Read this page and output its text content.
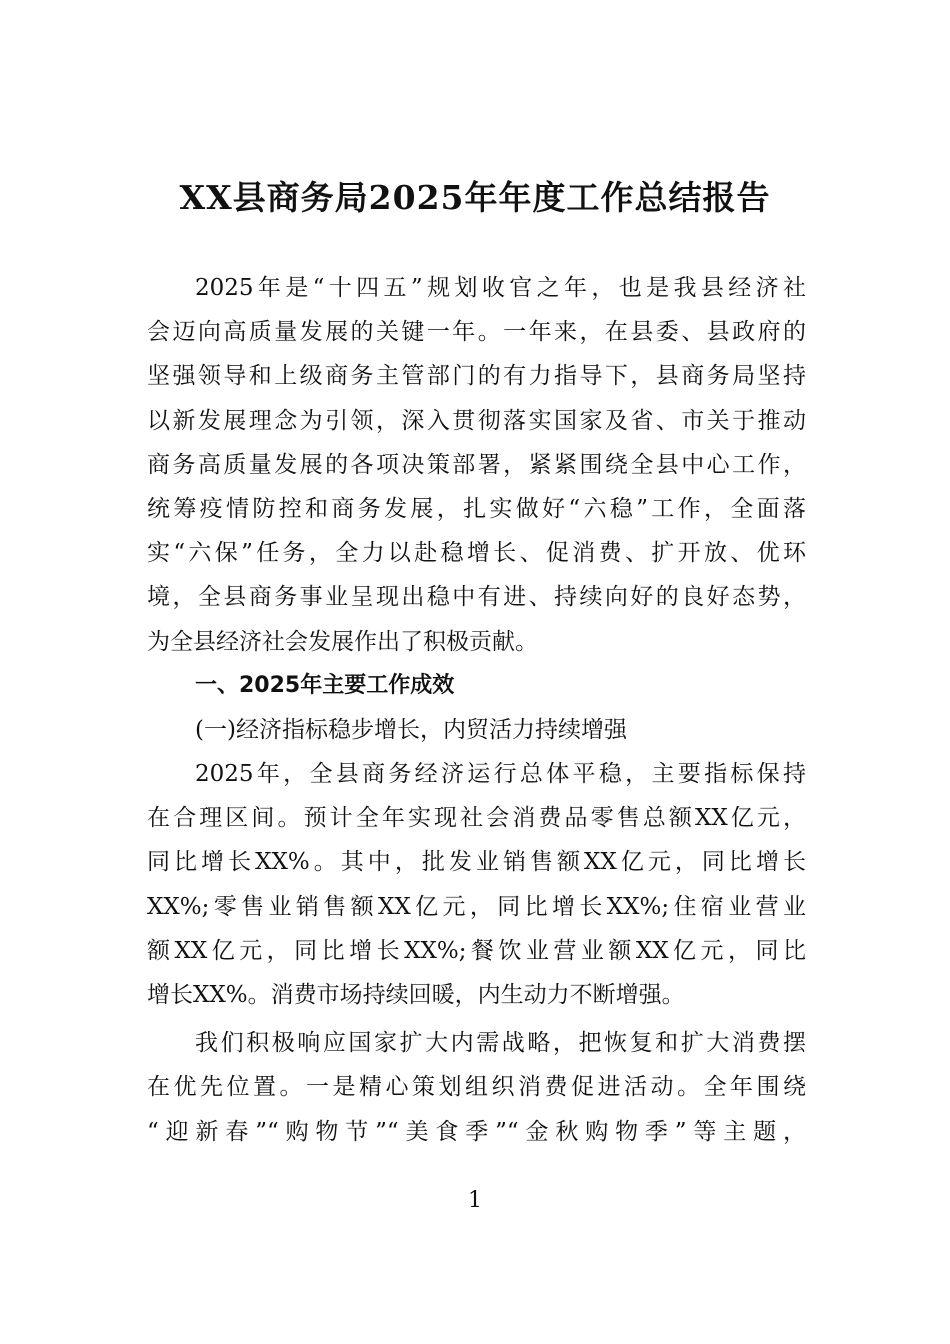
XX县商务局2025年年度工作总结报告
2025年是“十四五”规划收官之年，也是我县经济社
会迈向高质量发展的关键一年。一年来，在县委、县政府的
坚强领导和上级商务主管部门的有力指导下，县商务局坚持
以新发展理念为引领，深入贯彻落实国家及省、市关于推动
商务高质量发展的各项决策部署，紧紧围绕全县中心工作，
统筹疫情防控和商务发展，扎实做好“六稳”工作，全面落
实“六保”任务，全力以赴稳增长、促消费、扩开放、优环
境，全县商务事业呈现出稳中有进、持续向好的良好态势，
为全县经济社会发展作出了积极贡献。
一、2025年主要工作成效
(一)经济指标稳步增长，内贸活力持续增强
2025年，全县商务经济运行总体平稳，主要指标保持
在合理区间。预计全年实现社会消费品零售总额XX亿元，
同比增长XX%。其中，批发业销售额XX亿元，同比增长
XX%;零售业销售额XX亿元，同比增长XX%;住宿业营业
额XX亿元，同比增长XX%;餐饮业营业额XX亿元，同比
增长XX%。消费市场持续回暖，内生动力不断增强。
我们积极响应国家扩大内需战略，把恢复和扩大消费摆
在优先位置。一是精心策划组织消费促进活动。全年围绕
“迎新春”“购物节”“美食季”“金秋购物季”等主题，
1
